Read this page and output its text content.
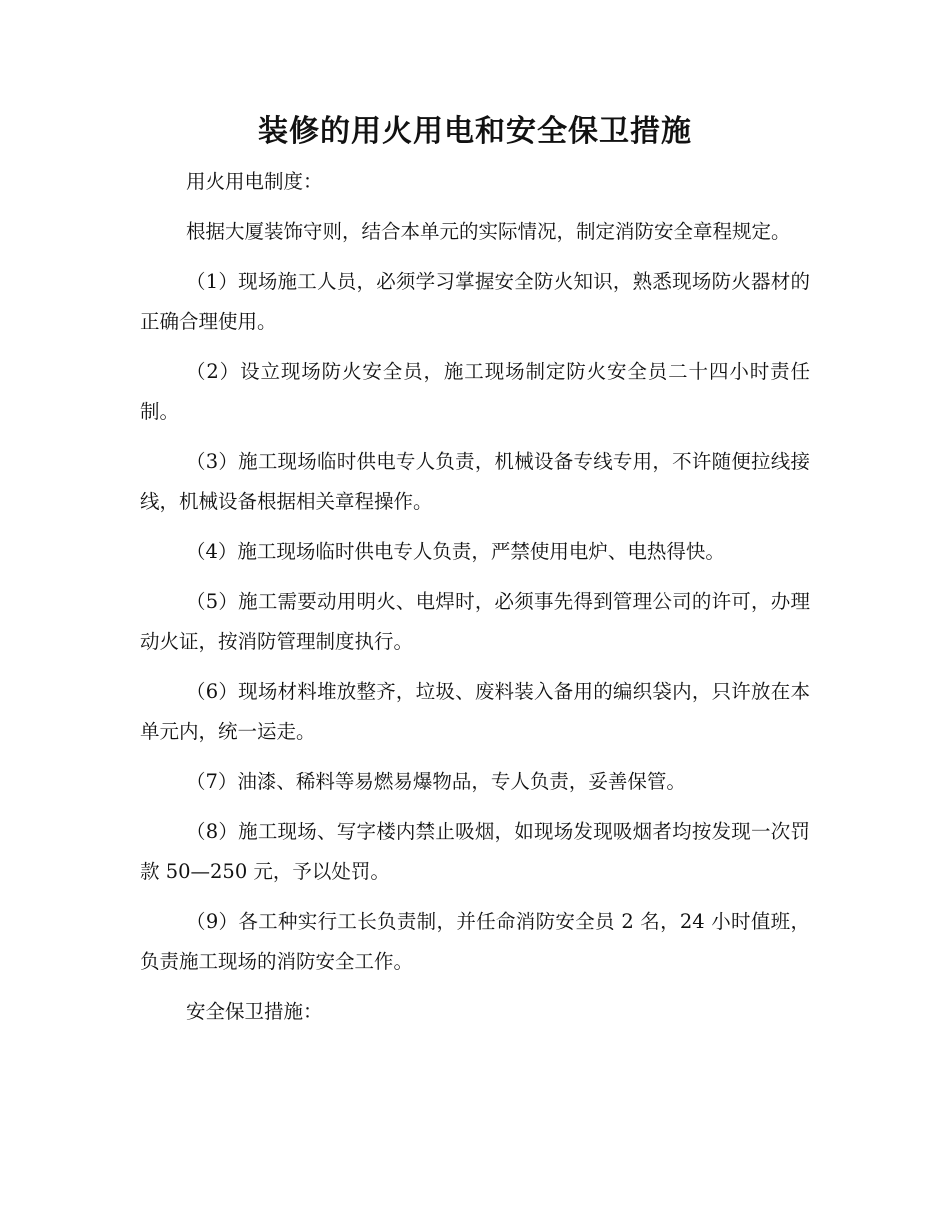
装修的用火用电和安全保卫措施

用火用电制度：

根据大厦装饰守则，结合本单元的实际情况，制定消防安全章程规定。

（1）现场施工人员，必须学习掌握安全防火知识，熟悉现场防火器材的正确合理使用。

（2）设立现场防火安全员，施工现场制定防火安全员二十四小时责任制。

（3）施工现场临时供电专人负责，机械设备专线专用，不许随便拉线接线，机械设备根据相关章程操作。

（4）施工现场临时供电专人负责，严禁使用电炉、电热得快。

（5）施工需要动用明火、电焊时，必须事先得到管理公司的许可，办理动火证，按消防管理制度执行。

（6）现场材料堆放整齐，垃圾、废料装入备用的编织袋内，只许放在本单元内，统一运走。

（7）油漆、稀料等易燃易爆物品，专人负责，妥善保管。

（8）施工现场、写字楼内禁止吸烟，如现场发现吸烟者均按发现一次罚款 50—250 元，予以处罚。

（9）各工种实行工长负责制，并任命消防安全员 2 名，24 小时值班，负责施工现场的消防安全工作。

安全保卫措施：
